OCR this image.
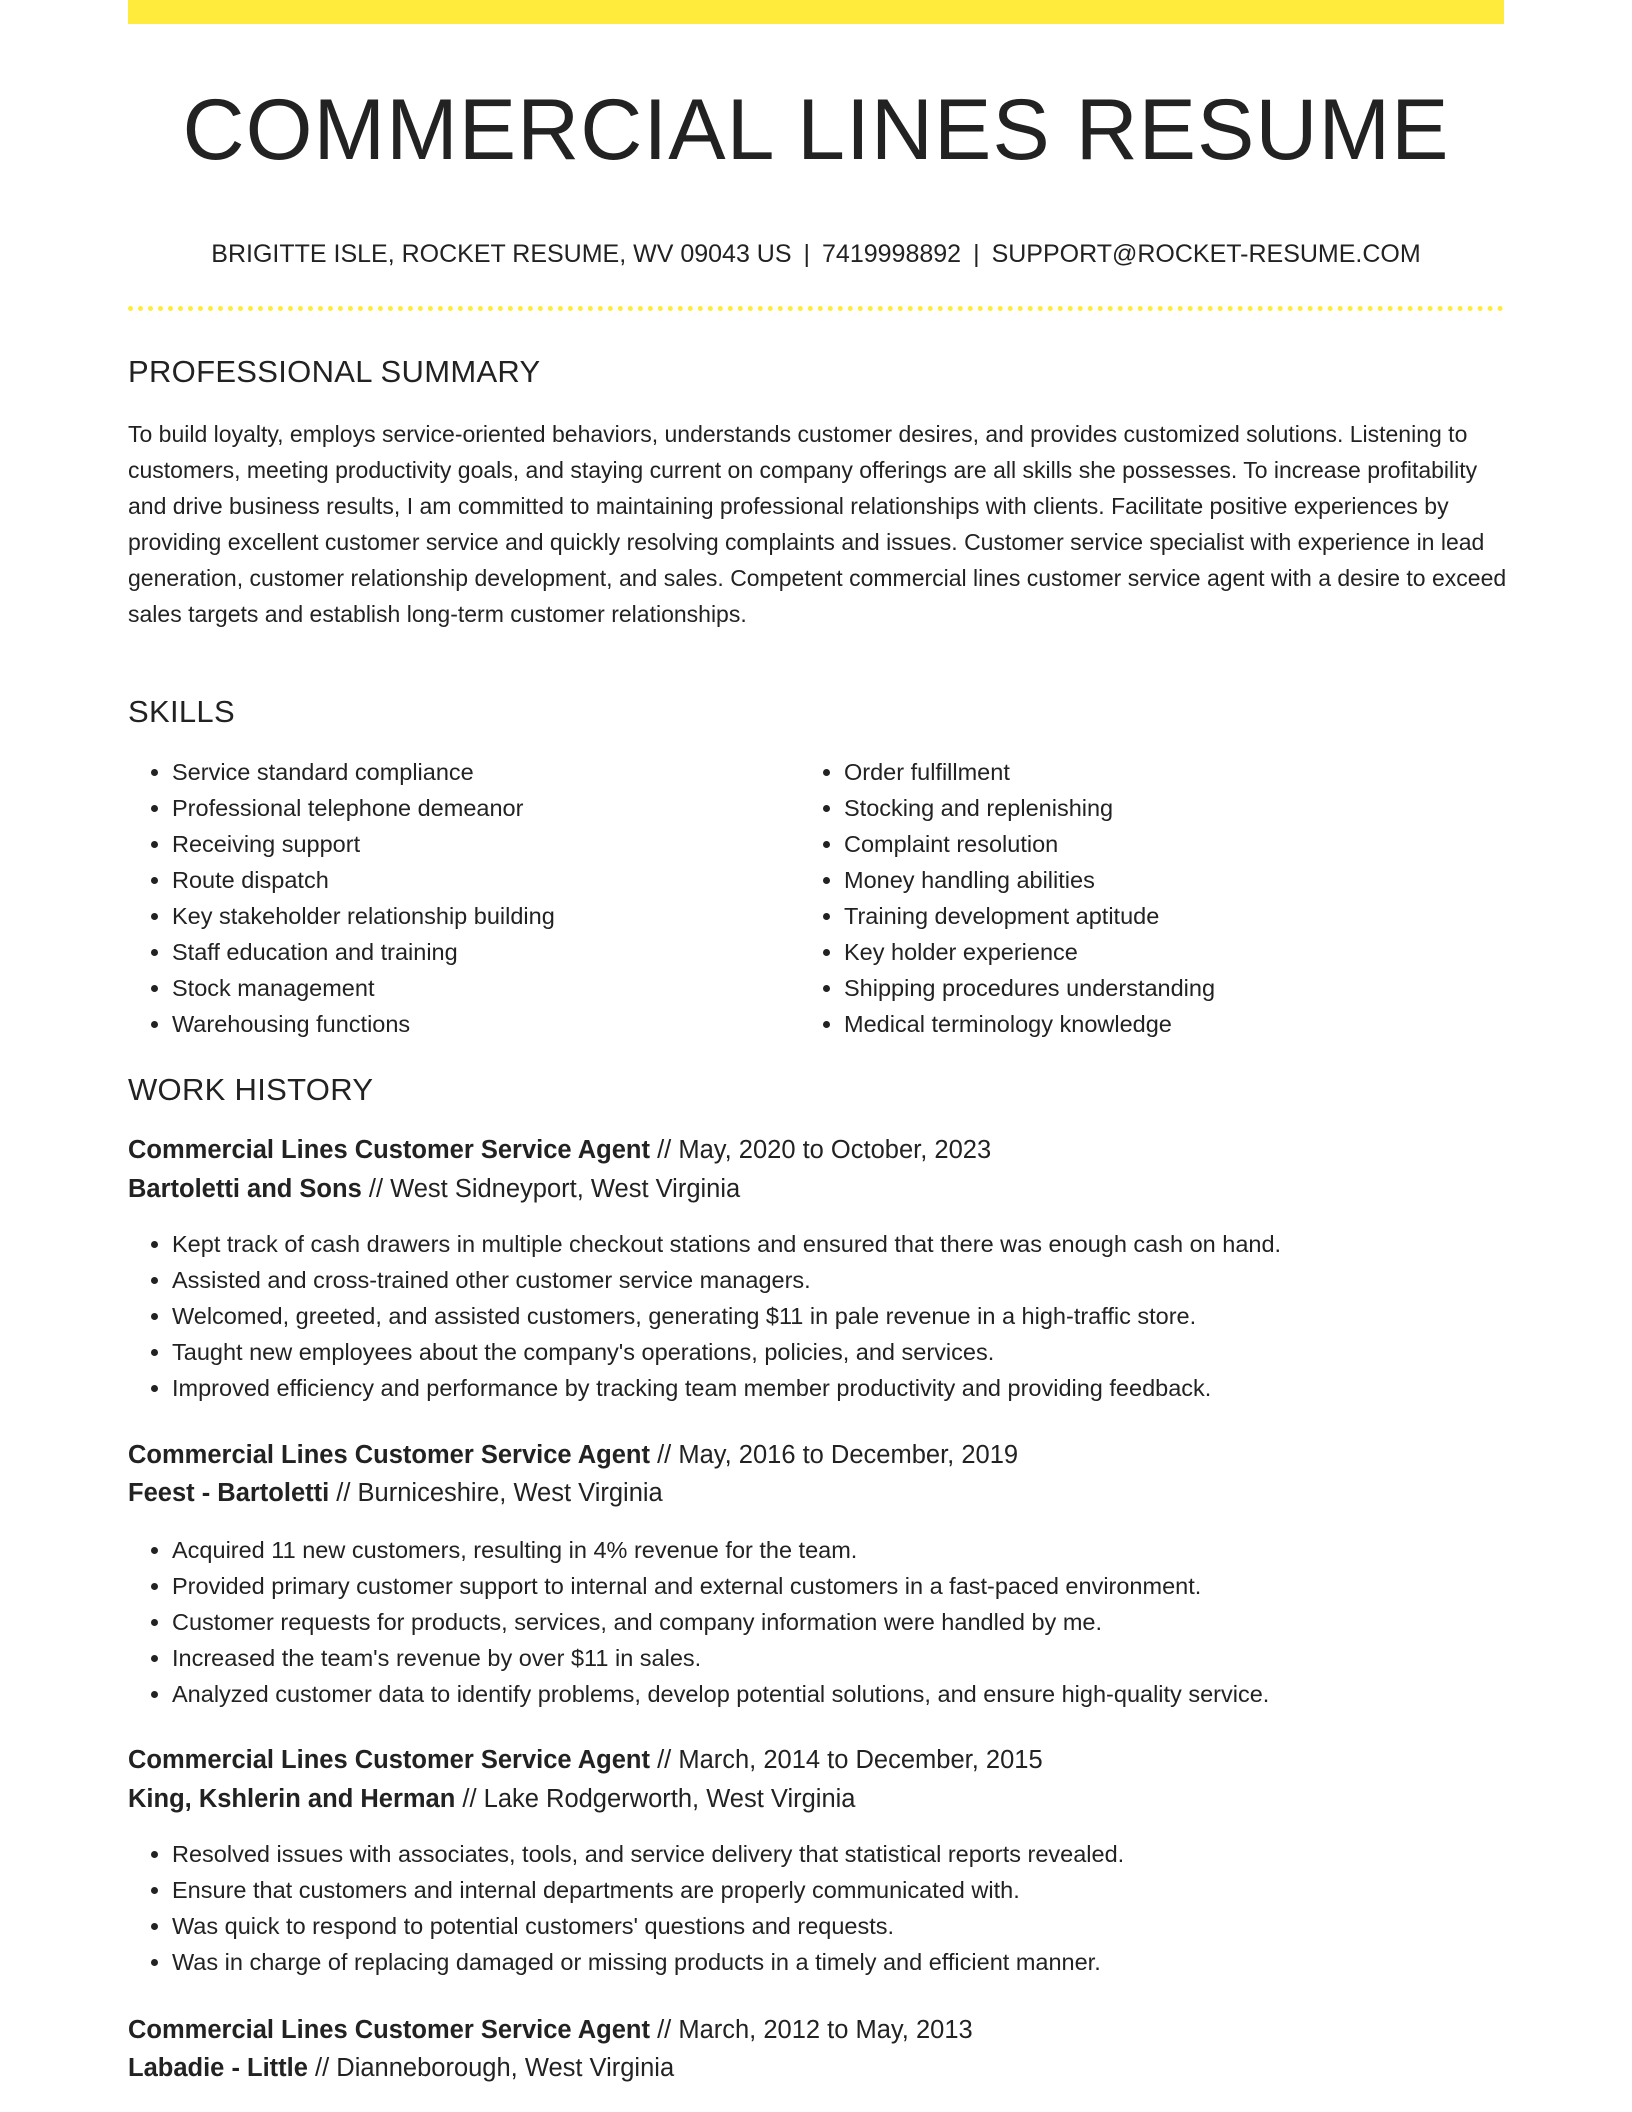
COMMERCIAL LINES RESUME
BRIGITTE ISLE, ROCKET RESUME, WV 09043 US | 7419998892 | SUPPORT@ROCKET-RESUME.COM
PROFESSIONAL SUMMARY
To build loyalty, employs service-oriented behaviors, understands customer desires, and provides customized solutions. Listening to customers, meeting productivity goals, and staying current on company offerings are all skills she possesses. To increase profitability and drive business results, I am committed to maintaining professional relationships with clients. Facilitate positive experiences by providing excellent customer service and quickly resolving complaints and issues. Customer service specialist with experience in lead generation, customer relationship development, and sales. Competent commercial lines customer service agent with a desire to exceed sales targets and establish long-term customer relationships.
SKILLS
• Service standard compliance
• Professional telephone demeanor
• Receiving support
• Route dispatch
• Key stakeholder relationship building
• Staff education and training
• Stock management
• Warehousing functions
• Order fulfillment
• Stocking and replenishing
• Complaint resolution
• Money handling abilities
• Training development aptitude
• Key holder experience
• Shipping procedures understanding
• Medical terminology knowledge
WORK HISTORY
Commercial Lines Customer Service Agent // May, 2020 to October, 2023
Bartoletti and Sons // West Sidneyport, West Virginia
• Kept track of cash drawers in multiple checkout stations and ensured that there was enough cash on hand.
• Assisted and cross-trained other customer service managers.
• Welcomed, greeted, and assisted customers, generating $11 in pale revenue in a high-traffic store.
• Taught new employees about the company's operations, policies, and services.
• Improved efficiency and performance by tracking team member productivity and providing feedback.
Commercial Lines Customer Service Agent // May, 2016 to December, 2019
Feest - Bartoletti // Burniceshire, West Virginia
• Acquired 11 new customers, resulting in 4% revenue for the team.
• Provided primary customer support to internal and external customers in a fast-paced environment.
• Customer requests for products, services, and company information were handled by me.
• Increased the team's revenue by over $11 in sales.
• Analyzed customer data to identify problems, develop potential solutions, and ensure high-quality service.
Commercial Lines Customer Service Agent // March, 2014 to December, 2015
King, Kshlerin and Herman // Lake Rodgerworth, West Virginia
• Resolved issues with associates, tools, and service delivery that statistical reports revealed.
• Ensure that customers and internal departments are properly communicated with.
• Was quick to respond to potential customers' questions and requests.
• Was in charge of replacing damaged or missing products in a timely and efficient manner.
Commercial Lines Customer Service Agent // March, 2012 to May, 2013
Labadie - Little // Dianneborough, West Virginia
